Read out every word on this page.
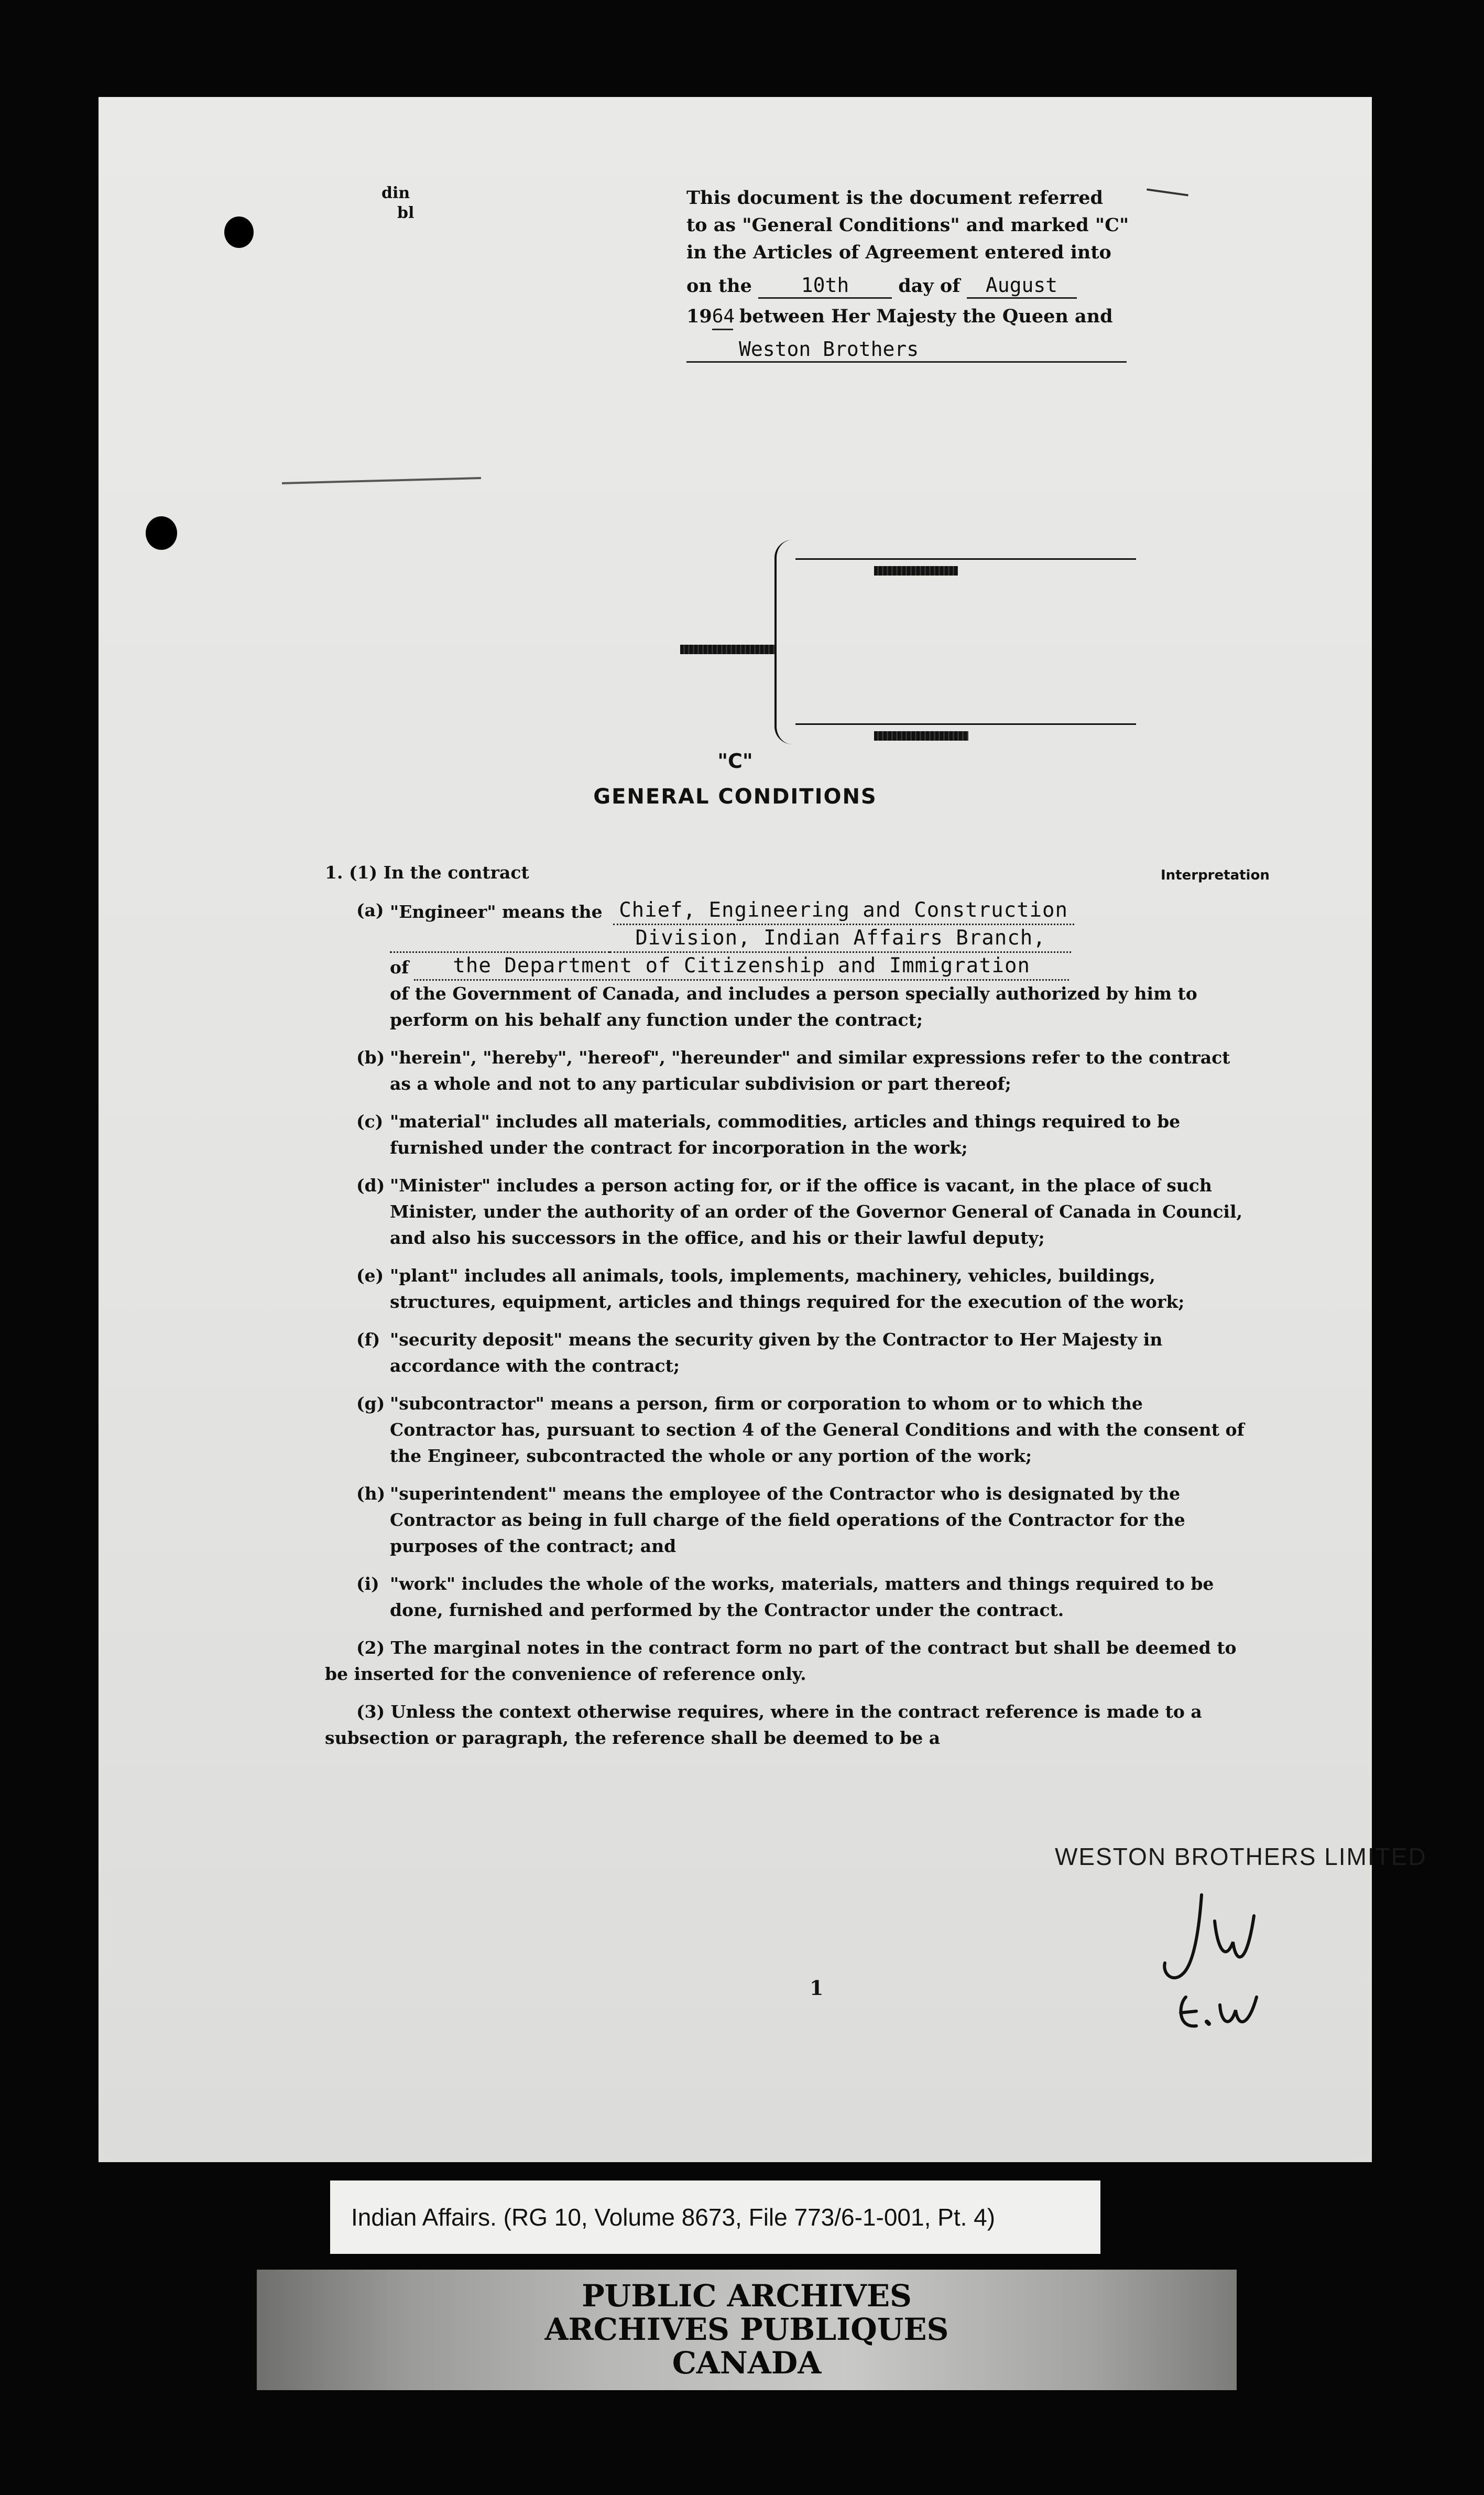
din
bl
This document is the document referred
to as "General Conditions" and marked "C"
in the Articles of Agreement entered into
on the 10th	day of August
1964 between Her Majesty the Queen and
Weston Brothers
"C"
GENERAL CONDITIONS
Interpretation
1. (1) In the contract
(a) "Engineer" means the Chief, Engineering and Construction
Division, Indian Affairs Branch,
of	the Department of Citizenship and Immigration
of the Government of Canada, and includes a person specially authorized by him to perform on his behalf any function under the contract;
(b) "herein", "hereby", "hereof", "hereunder" and similar expressions refer to the contract as a whole and not to any particular subdivision or part thereof;
(c) "material" includes all materials, commodities, articles and things required to be furnished under the contract for incorporation in the work;
(d) "Minister" includes a person acting for, or if the office is vacant, in the place of such Minister, under the authority of an order of the Governor General of Canada in Council, and also his successors in the office, and his or their lawful deputy;
(e) "plant" includes all animals, tools, implements, machinery, vehicles, buildings, structures, equipment, articles and things required for the execution of the work;
(f) "security deposit" means the security given by the Contractor to Her Majesty in accordance with the contract;
(g) "subcontractor" means a person, firm or corporation to whom or to which the Contractor has, pursuant to section 4 of the General Conditions and with the consent of the Engineer, subcontracted the whole or any portion of the work;
(h) "superintendent" means the employee of the Contractor who is designated by the Contractor as being in full charge of the field operations of the Contractor for the purposes of the contract; and
(i) "work" includes the whole of the works, materials, matters and things required to be done, furnished and performed by the Contractor under the contract.
(2) The marginal notes in the contract form no part of the contract but shall be deemed to be inserted for the convenience of reference only.
(3) Unless the context otherwise requires, where in the contract reference is made to a subsection or paragraph, the reference shall be deemed to be a
WESTON BROTHERS LIMITED
1
Indian Affairs. (RG 10, Volume 8673, File 773/6-1-001, Pt. 4)
PUBLIC ARCHIVES
ARCHIVES PUBLIQUES
CANADA
